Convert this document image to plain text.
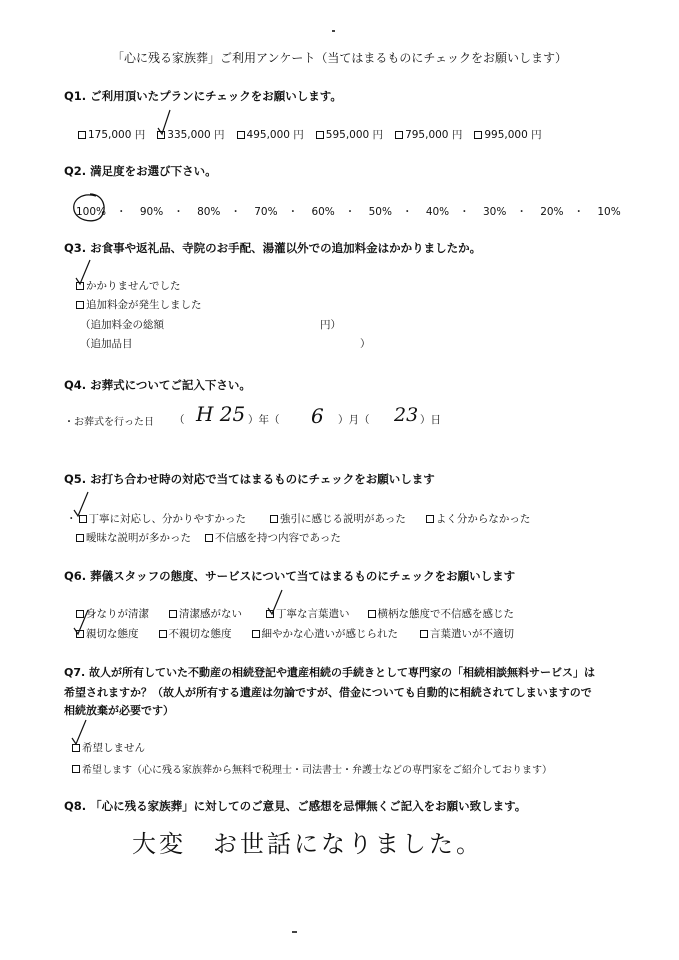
「心に残る家族葬」ご利用アンケート（当てはまるものにチェックをお願いします）
Q1. ご利用頂いたプランにチェックをお願いします。
175,000 円 335,000 円 495,000 円 595,000 円 795,000 円 995,000 円
Q2. 満足度をお選び下さい。
100% ・ 90% ・ 80% ・ 70% ・ 60% ・ 50% ・ 40% ・ 30% ・ 20% ・ 10%
Q3. お食事や返礼品、寺院のお手配、湯灌以外での追加料金はかかりましたか。
かかりませんでした
追加料金が発生しました
（追加料金の総額	円）
（追加品目	）
Q4. お葬式についてご記入下さい。
・お葬式を行った日 （ H 25 ）年（ 6 ）月（ 23 ）日
Q5. お打ち合わせ時の対応で当てはまるものにチェックをお願いします
・ 丁寧に対応し、分かりやすかった	強引に感じる説明があった	よく分からなかった
曖昧な説明が多かった 不信感を持つ内容であった
Q6. 葬儀スタッフの態度、サービスについて当てはまるものにチェックをお願いします
身なりが清潔	清潔感がない	丁寧な言葉遣い	横柄な態度で不信感を感じた
親切な態度	不親切な態度	細やかな心遣いが感じられた	言葉遣いが不適切
Q7. 故人が所有していた不動産の相続登記や遺産相続の手続きとして専門家の「相続相談無料サービス」は
希望されますか？（故人が所有する遺産は勿論ですが、借金についても自動的に相続されてしまいますので
相続放棄が必要です）
希望しません
希望します（心に残る家族葬から無料で税理士・司法書士・弁護士などの専門家をご紹介しております）
Q8. 「心に残る家族葬」に対してのご意見、ご感想を忌憚無くご記入をお願い致します。
大変　お世話になりました。
